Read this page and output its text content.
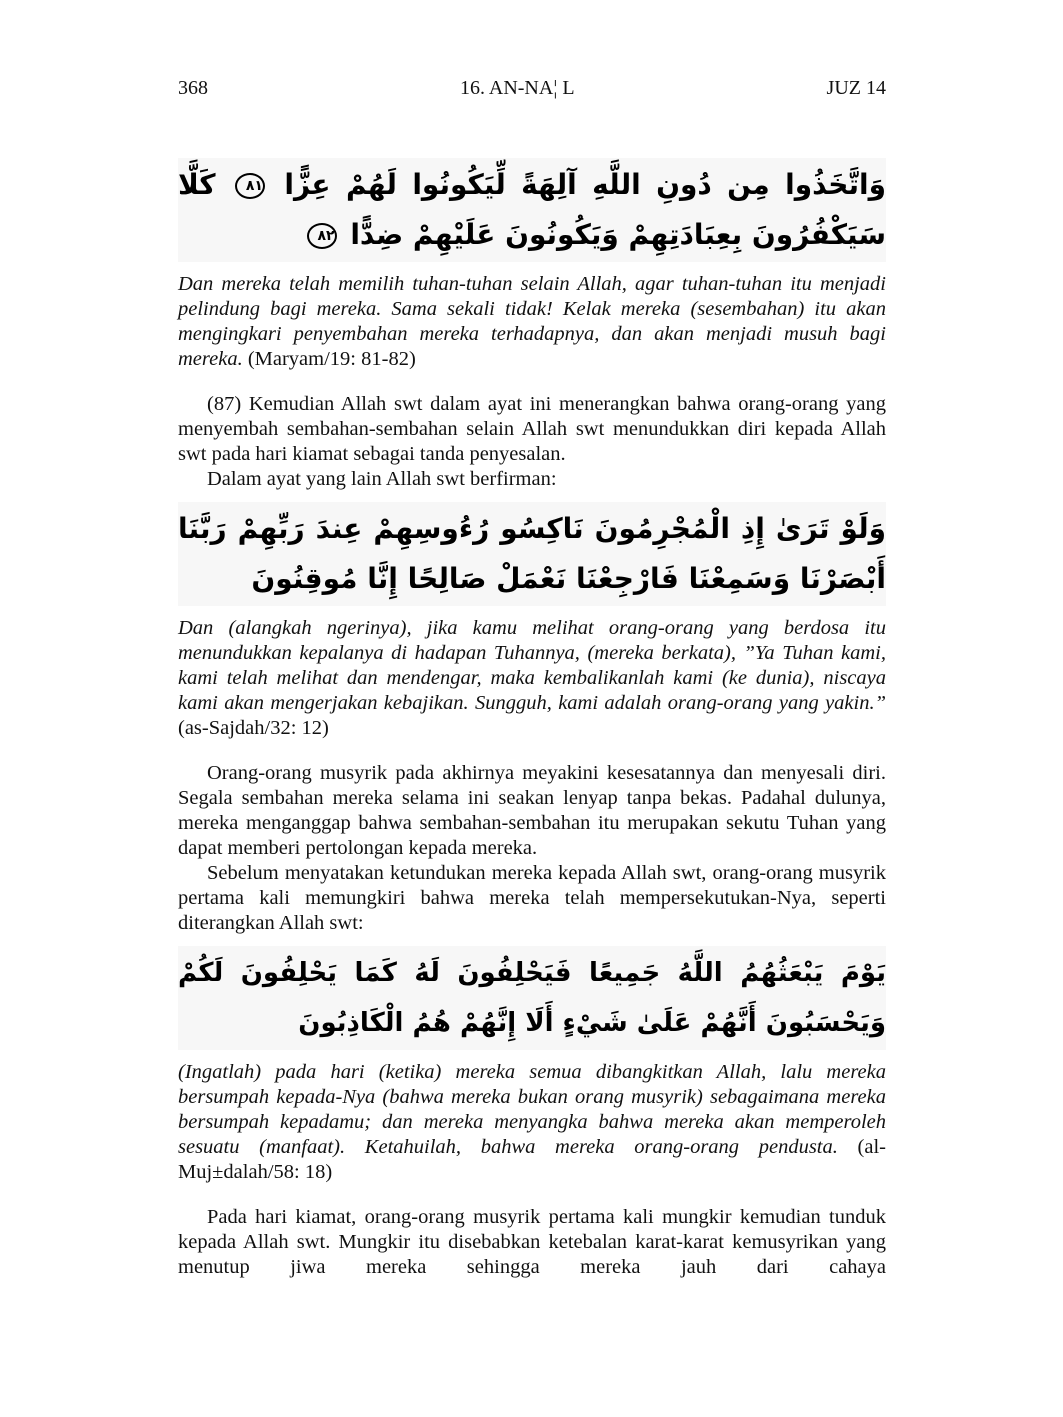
368	16. AN-NA¦ L	JUZ 14
وَاتَّخَذُوا مِن دُونِ اللَّهِ آلِهَةً لِّيَكُونُوا لَهُمْ عِزًّا ٨١ كَلَّا سَيَكْفُرُونَ بِعِبَادَتِهِمْ وَيَكُونُونَ عَلَيْهِمْ ضِدًّا ٨٢
Dan mereka telah memilih tuhan-tuhan selain Allah, agar tuhan-tuhan itu menjadi pelindung bagi mereka. Sama sekali tidak! Kelak mereka (sesembahan) itu akan mengingkari penyembahan mereka terhadapnya, dan akan menjadi musuh bagi mereka. (Maryam/19: 81-82)
(87) Kemudian Allah swt dalam ayat ini menerangkan bahwa orang-orang yang menyembah sembahan-sembahan selain Allah swt menundukkan diri kepada Allah swt pada hari kiamat sebagai tanda penyesalan.
Dalam ayat yang lain Allah swt berfirman:
وَلَوْ تَرَىٰ إِذِ الْمُجْرِمُونَ نَاكِسُو رُءُوسِهِمْ عِندَ رَبِّهِمْ رَبَّنَا أَبْصَرْنَا وَسَمِعْنَا فَارْجِعْنَا نَعْمَلْ صَالِحًا إِنَّا مُوقِنُونَ
Dan (alangkah ngerinya), jika kamu melihat orang-orang yang berdosa itu menundukkan kepalanya di hadapan Tuhannya, (mereka berkata), ”Ya Tuhan kami, kami telah melihat dan mendengar, maka kembalikanlah kami (ke dunia), niscaya kami akan mengerjakan kebajikan. Sungguh, kami adalah orang-orang yang yakin.” (as-Sajdah/32: 12)
Orang-orang musyrik pada akhirnya meyakini kesesatannya dan menyesali diri. Segala sembahan mereka selama ini seakan lenyap tanpa bekas. Padahal dulunya, mereka menganggap bahwa sembahan-sembahan itu merupakan sekutu Tuhan yang dapat memberi pertolongan kepada mereka.
Sebelum menyatakan ketundukan mereka kepada Allah swt, orang-orang musyrik pertama kali memungkiri bahwa mereka telah mempersekutukan-Nya, seperti diterangkan Allah swt:
يَوْمَ يَبْعَثُهُمُ اللَّهُ جَمِيعًا فَيَحْلِفُونَ لَهُ كَمَا يَحْلِفُونَ لَكُمْ وَيَحْسَبُونَ أَنَّهُمْ عَلَىٰ شَيْءٍ أَلَا إِنَّهُمْ هُمُ الْكَاذِبُونَ
(Ingatlah) pada hari (ketika) mereka semua dibangkitkan Allah, lalu mereka bersumpah kepada-Nya (bahwa mereka bukan orang musyrik) sebagaimana mereka bersumpah kepadamu; dan mereka menyangka bahwa mereka akan memperoleh sesuatu (manfaat). Ketahuilah, bahwa mereka orang-orang pendusta. (al-Muj±dalah/58: 18)
Pada hari kiamat, orang-orang musyrik pertama kali mungkir kemudian tunduk kepada Allah swt. Mungkir itu disebabkan ketebalan karat-karat kemusyrikan yang menutup jiwa mereka sehingga mereka jauh dari cahaya
